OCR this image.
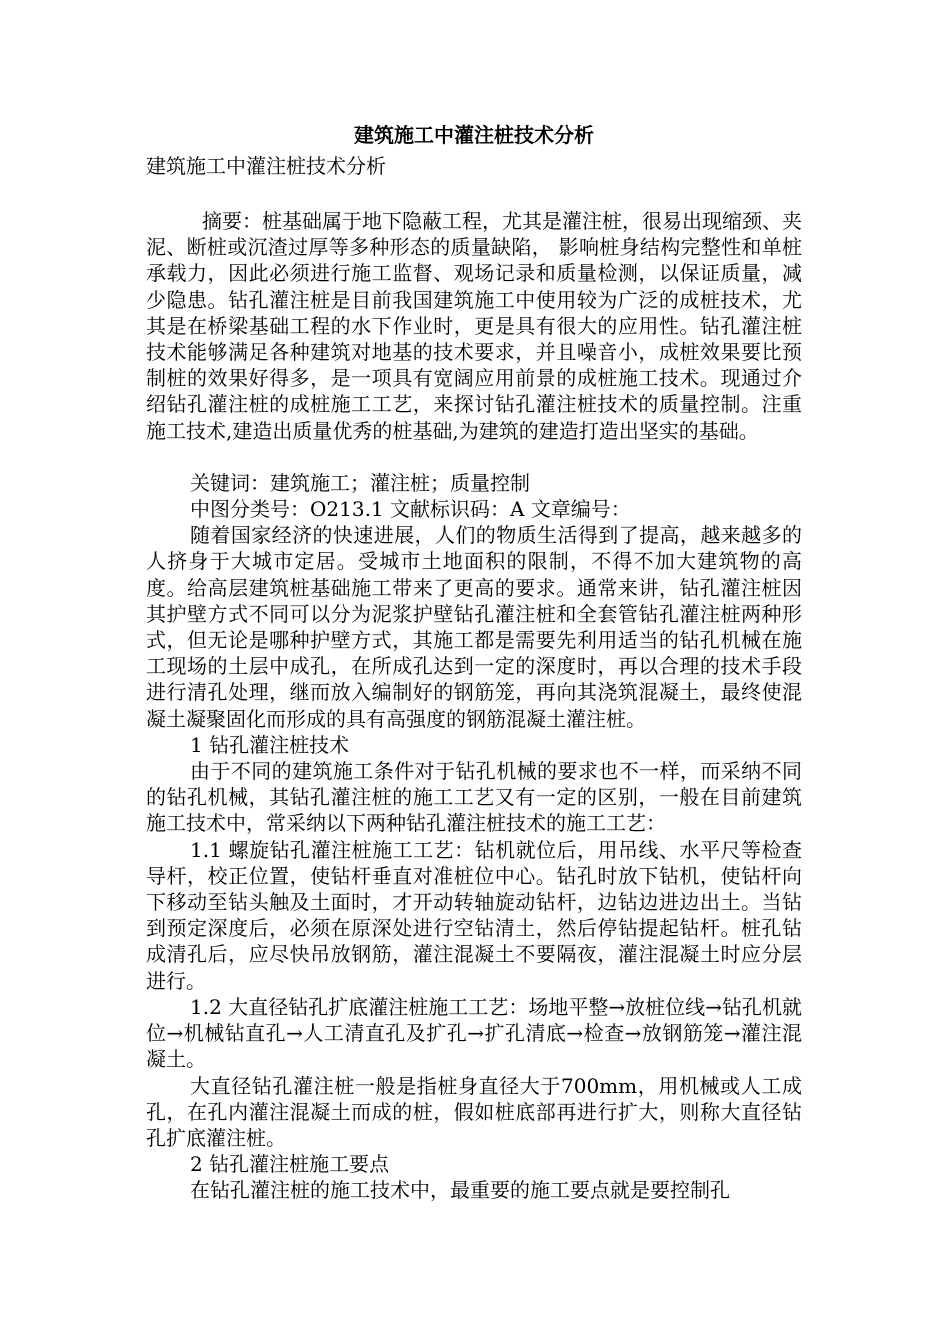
建筑施工中灌注桩技术分析
建筑施工中灌注桩技术分析
摘要：桩基础属于地下隐蔽工程，尤其是灌注桩，很易出现缩颈、夹泥、断桩或沉渣过厚等多种形态的质量缺陷， 影响桩身结构完整性和单桩承载力，因此必须进行施工监督、观场记录和质量检测，以保证质量，减少隐患。钻孔灌注桩是目前我国建筑施工中使用较为广泛的成桩技术，尤其是在桥梁基础工程的水下作业时，更是具有很大的应用性。钻孔灌注桩技术能够满足各种建筑对地基的技术要求，并且噪音小，成桩效果要比预制桩的效果好得多，是一项具有宽阔应用前景的成桩施工技术。现通过介绍钻孔灌注桩的成桩施工工艺，来探讨钻孔灌注桩技术的质量控制。注重施工技术,建造出质量优秀的桩基础,为建筑的建造打造出坚实的基础。
关键词：建筑施工；灌注桩；质量控制
中图分类号：O213.1 文献标识码：A 文章编号：
随着国家经济的快速进展，人们的物质生活得到了提高，越来越多的人挤身于大城市定居。受城市土地面积的限制，不得不加大建筑物的高度。给高层建筑桩基础施工带来了更高的要求。通常来讲，钻孔灌注桩因其护壁方式不同可以分为泥浆护壁钻孔灌注桩和全套管钻孔灌注桩两种形式，但无论是哪种护壁方式，其施工都是需要先利用适当的钻孔机械在施工现场的土层中成孔，在所成孔达到一定的深度时，再以合理的技术手段进行清孔处理，继而放入编制好的钢筋笼，再向其浇筑混凝土，最终使混凝土凝聚固化而形成的具有高强度的钢筋混凝土灌注桩。
1 钻孔灌注桩技术
由于不同的建筑施工条件对于钻孔机械的要求也不一样，而采纳不同的钻孔机械，其钻孔灌注桩的施工工艺又有一定的区别，一般在目前建筑施工技术中，常采纳以下两种钻孔灌注桩技术的施工工艺：
1.1 螺旋钻孔灌注桩施工工艺：钻机就位后，用吊线、水平尺等检查导杆，校正位置，使钻杆垂直对准桩位中心。钻孔时放下钻机，使钻杆向下移动至钻头触及土面时，才开动转轴旋动钻杆，边钻边进边出土。当钻到预定深度后，必须在原深处进行空钻清土，然后停钻提起钻杆。桩孔钻成清孔后，应尽快吊放钢筋，灌注混凝土不要隔夜，灌注混凝土时应分层进行。
1.2 大直径钻孔扩底灌注桩施工工艺：场地平整→放桩位线→钻孔机就位→机械钻直孔→人工清直孔及扩孔→扩孔清底→检查→放钢筋笼→灌注混凝土。
大直径钻孔灌注桩一般是指桩身直径大于700mm，用机械或人工成孔，在孔内灌注混凝土而成的桩，假如桩底部再进行扩大，则称大直径钻孔扩底灌注桩。
2 钻孔灌注桩施工要点
在钻孔灌注桩的施工技术中，最重要的施工要点就是要控制孔
